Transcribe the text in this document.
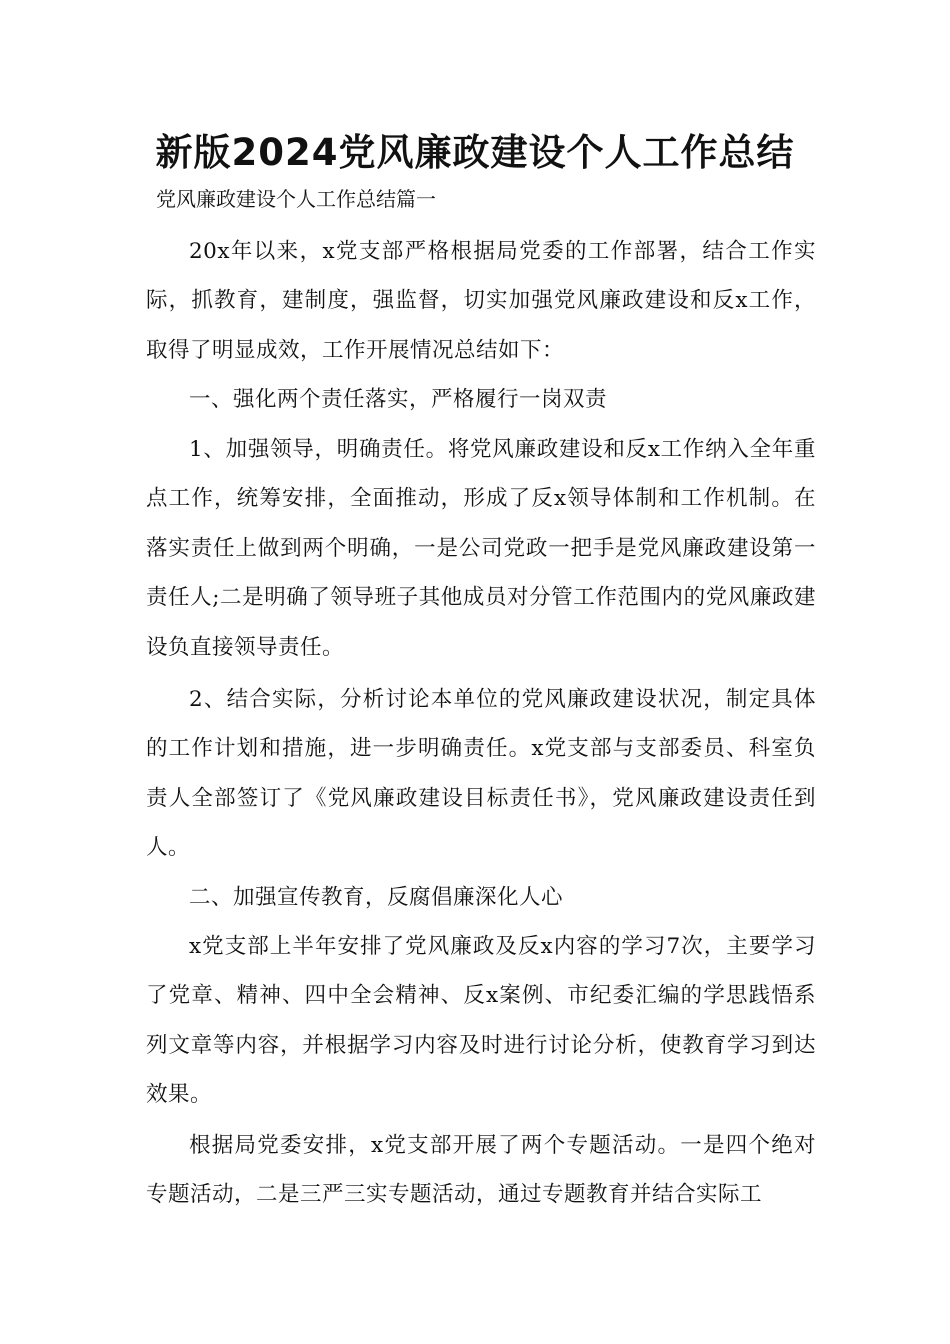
新版2024党风廉政建设个人工作总结
党风廉政建设个人工作总结篇一

20x年以来，x党支部严格根据局党委的工作部署，结合工作实际，抓教育，建制度，强监督，切实加强党风廉政建设和反x工作，取得了明显成效，工作开展情况总结如下：

一、强化两个责任落实，严格履行一岗双责

1、加强领导，明确责任。将党风廉政建设和反x工作纳入全年重点工作，统筹安排，全面推动，形成了反x领导体制和工作机制。在落实责任上做到两个明确，一是公司党政一把手是党风廉政建设第一责任人;二是明确了领导班子其他成员对分管工作范围内的党风廉政建设负直接领导责任。

2、结合实际，分析讨论本单位的党风廉政建设状况，制定具体的工作计划和措施，进一步明确责任。x党支部与支部委员、科室负责人全部签订了《党风廉政建设目标责任书》，党风廉政建设责任到人。

二、加强宣传教育，反腐倡廉深化人心

x党支部上半年安排了党风廉政及反x内容的学习7次，主要学习了党章、精神、四中全会精神、反x案例、市纪委汇编的学思践悟系列文章等内容，并根据学习内容及时进行讨论分析，使教育学习到达效果。

根据局党委安排，x党支部开展了两个专题活动。一是四个绝对专题活动，二是三严三实专题活动，通过专题教育并结合实际工
